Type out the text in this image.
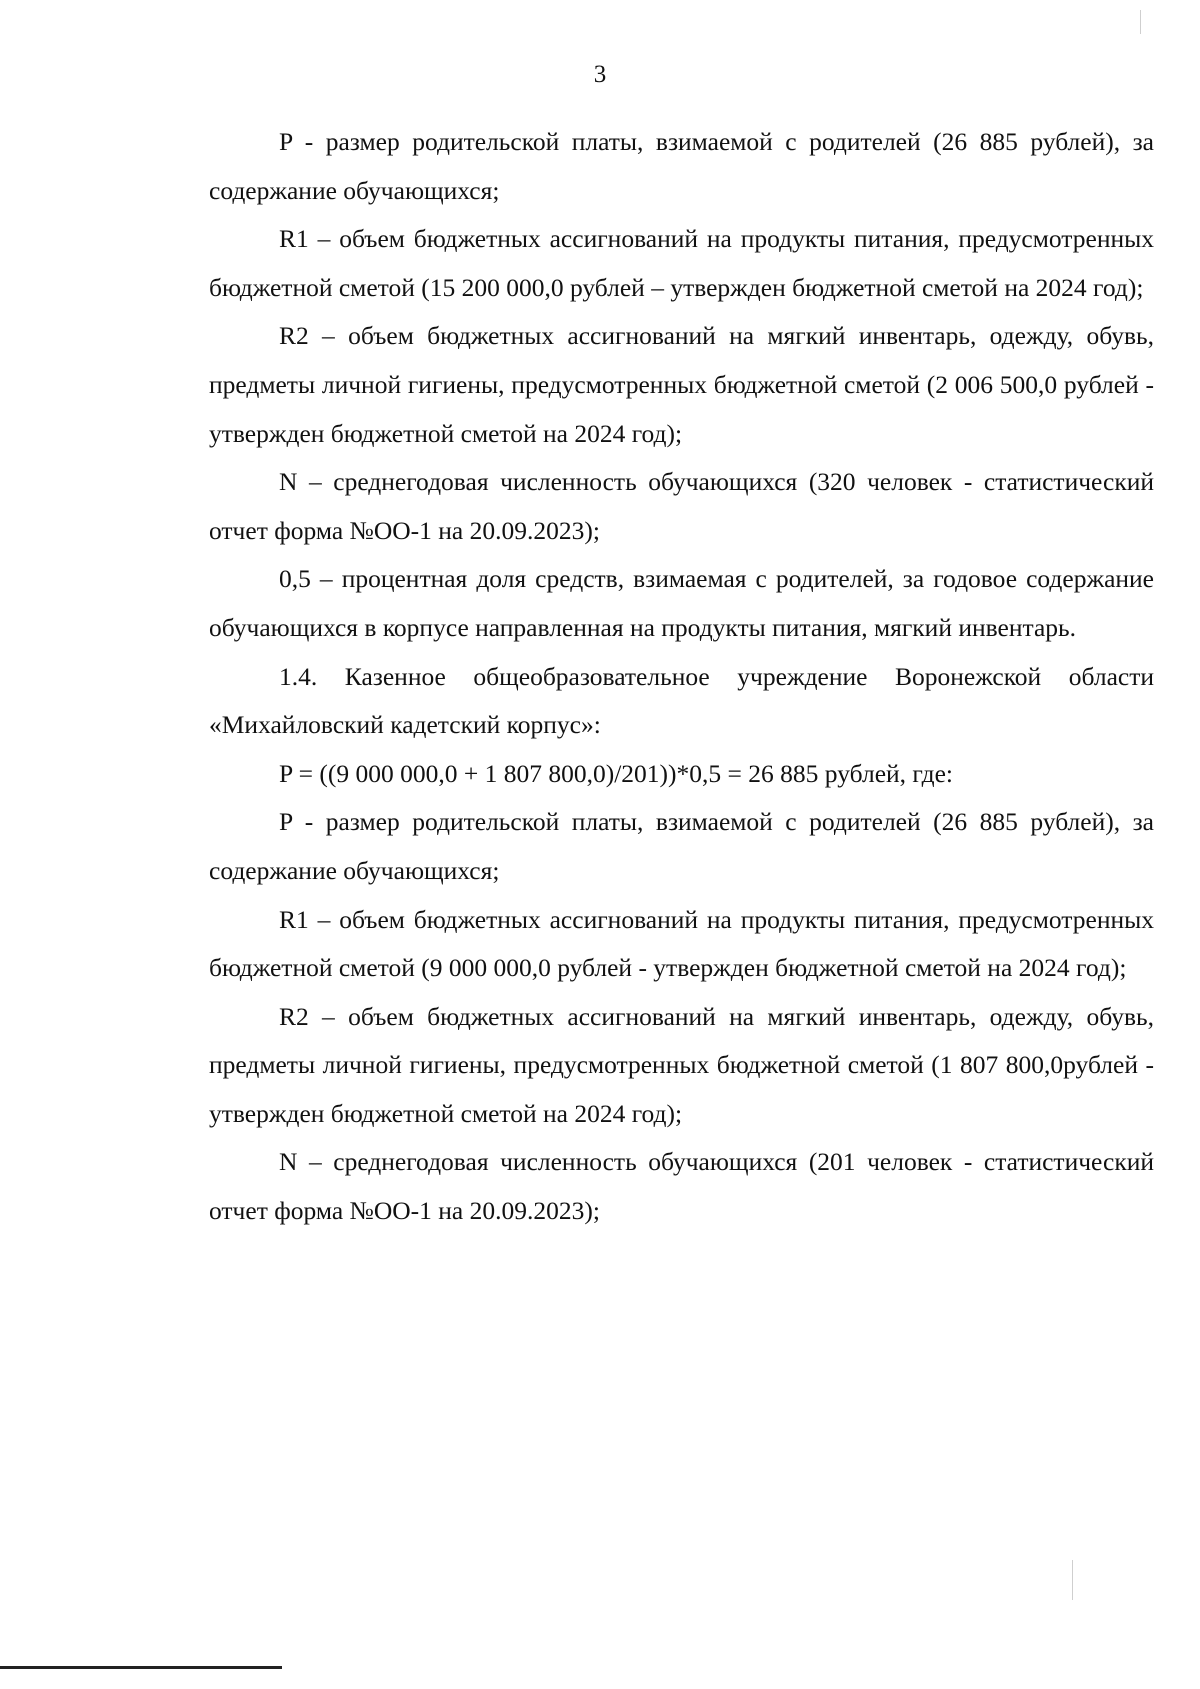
3

P - размер родительской платы, взимаемой с родителей (26 885 рублей), за содержание обучающихся;

R1 – объем бюджетных ассигнований на продукты питания, предусмотренных бюджетной сметой (15 200 000,0 рублей – утвержден бюджетной сметой на 2024 год);

R2 – объем бюджетных ассигнований на мягкий инвентарь, одежду, обувь, предметы личной гигиены, предусмотренных бюджетной сметой (2 006 500,0 рублей - утвержден бюджетной сметой на 2024 год);

N – среднегодовая численность обучающихся (320 человек - статистический отчет форма №ОО-1 на 20.09.2023);

0,5 – процентная доля средств, взимаемая с родителей, за годовое содержание обучающихся в корпусе направленная на продукты питания, мягкий инвентарь.

1.4. Казенное общеобразовательное учреждение Воронежской области «Михайловский кадетский корпус»:

P = ((9 000 000,0 + 1 807 800,0)/201))*0,5 = 26 885 рублей, где:

P - размер родительской платы, взимаемой с родителей (26 885 рублей), за содержание обучающихся;

R1 – объем бюджетных ассигнований на продукты питания, предусмотренных бюджетной сметой (9 000 000,0 рублей - утвержден бюджетной сметой на 2024 год);

R2 – объем бюджетных ассигнований на мягкий инвентарь, одежду, обувь, предметы личной гигиены, предусмотренных бюджетной сметой (1 807 800,0рублей - утвержден бюджетной сметой на 2024 год);

N – среднегодовая численность обучающихся (201 человек - статистический отчет форма №ОО-1 на 20.09.2023);
